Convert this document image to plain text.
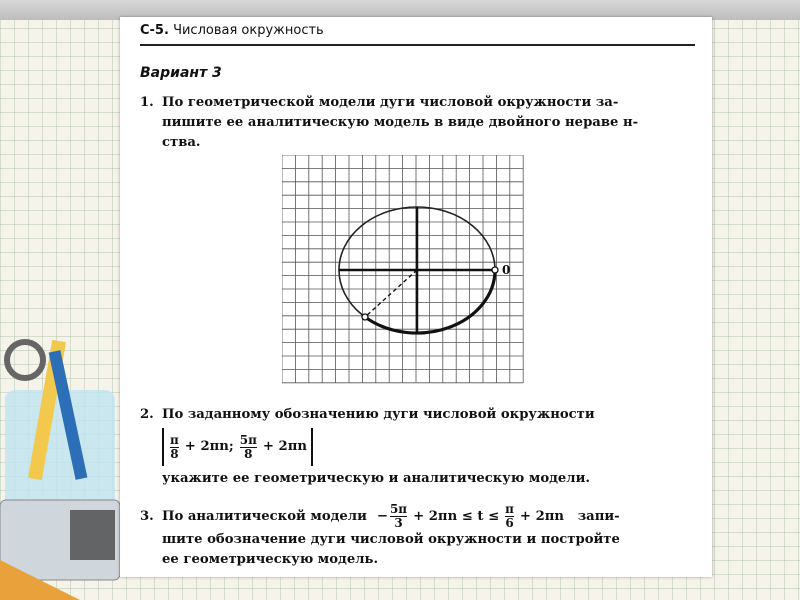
С-5. Числовая окружность
Вариант 3
1. По геометрической модели дуги числовой окружности за-
пишите ее аналитическую модель в виде двойного нераве н-
ства.
0
2. По заданному обозначению дуги числовой окружности
$\frac{\pi}{8} + 2\pi n$; $\frac{5\pi}{8} + 2\pi n$
укажите ее геометрическую и аналитическую модели.
3. По аналитической модели − $\frac{5\pi}{3} + 2\pi n \le t \le \frac{\pi}{6} + 2\pi n$   запи-
шите обозначение дуги числовой окружности и постройте
ее геометрическую модель.
